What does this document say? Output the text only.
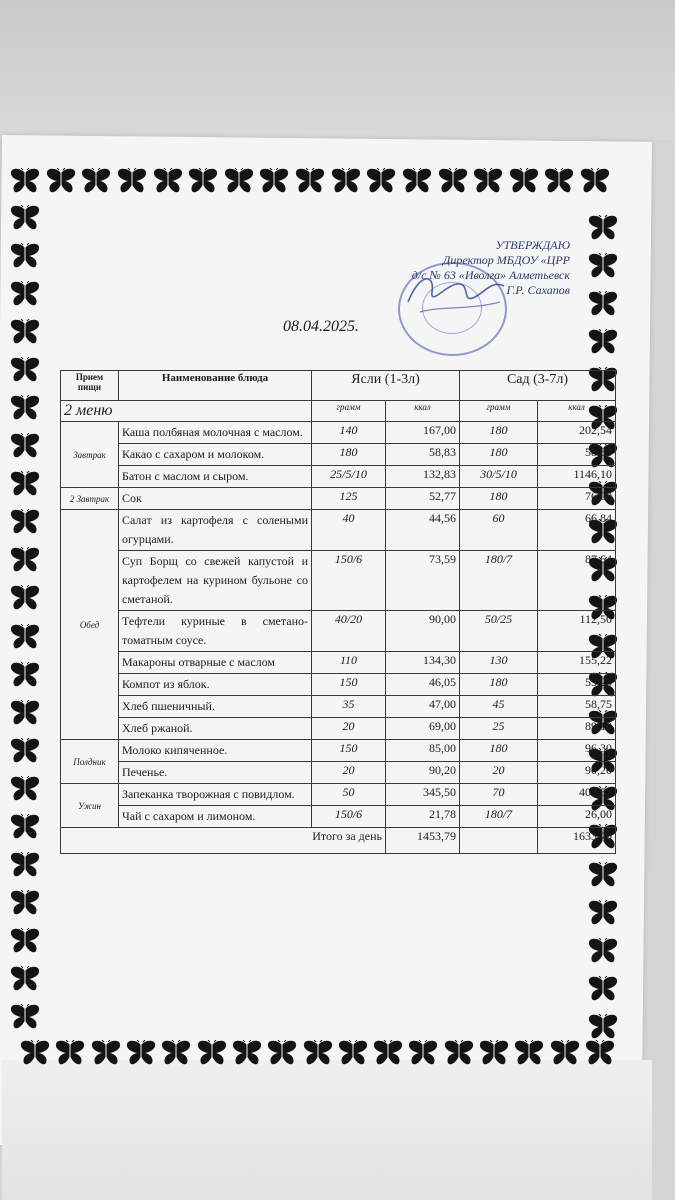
УТВЕРЖДАЮ
Директор МБДОУ «ЦРР
д/с № 63 «Иволга» Алметьевск
Г.Р. Сахапов
08.04.2025.
Прием пищи	Наименование блюда	Ясли (1-3л)		Сад (3-7л)	
2 меню		грамм	ккал	грамм	ккал
Завтрак	Каша полбяная молочная с маслом.	140	167,00	180	202,54
	Какао с сахаром и молоком.	180	58,83	180	58,83
	Батон с маслом и сыром.	25/5/10	132,83	30/5/10	1146,10
2 Завтрак	Сок	125	52,77	180	76,00
Обед	Салат из картофеля с солеными огурцами.	40	44,56	60	66,84
	Суп Борщ со свежей капустой и картофелем на курином бульоне со сметаной.	150/6	73,59	180/7	87,64
	Тефтели куриные в сметано-томатным соусе.	40/20	90,00	50/25	112,50
	Макароны отварные с маслом	110	134,30	130	155,22
	Компот из яблок.	150	46,05	180	55,25
	Хлеб пшеничный.	35	47,00	45	58,75
	Хлеб ржаной.	20	69,00	25	89,10
Полдник	Молоко кипяченное.	150	85,00	180	96,30
	Печенье.	20	90,20	20	90,20
Ужин	Запеканка творожная с повидлом.	50	345,50	70	402,50
	Чай с сахаром и лимоном.	150/6	21,78	180/7	26,00
Итого за день			1453,79		1633,70
